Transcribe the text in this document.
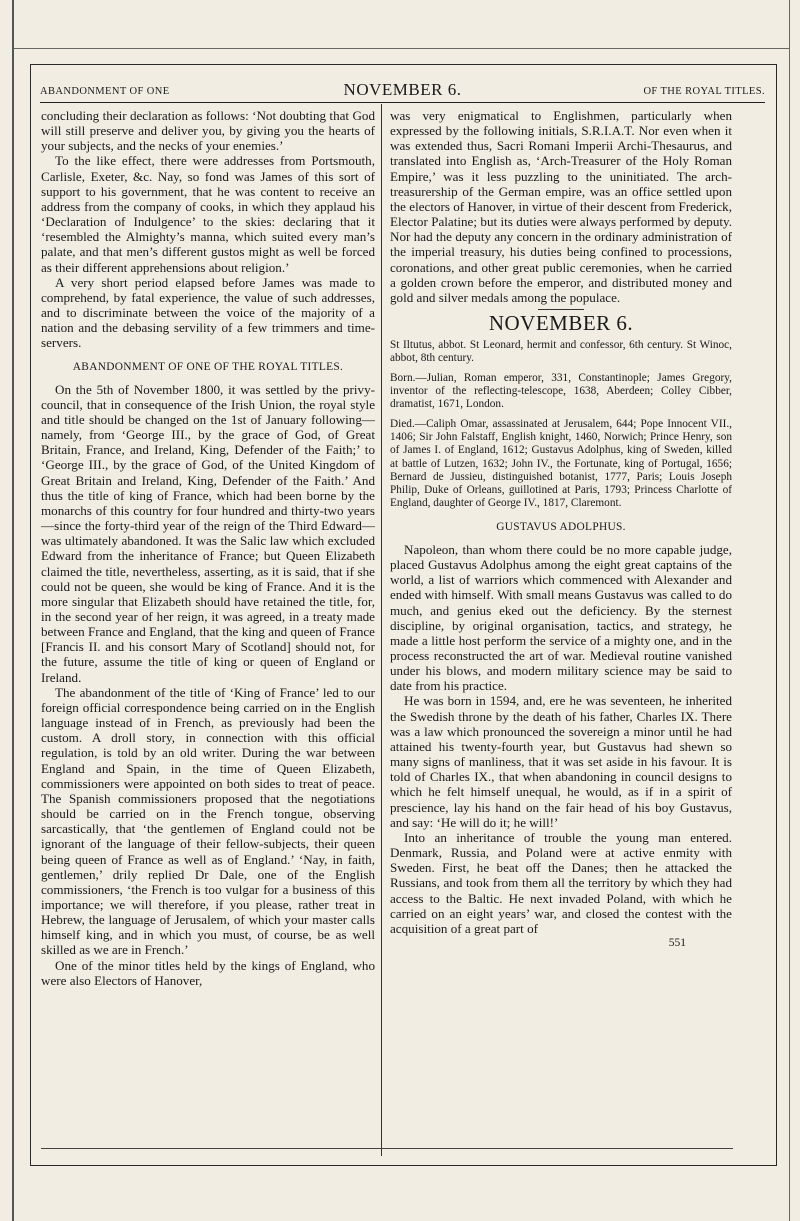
ABANDONMENT OF ONE	NOVEMBER 6.	OF THE ROYAL TITLES.

concluding their declaration as follows: ‘Not doubting that God will still preserve and deliver you, by giving you the hearts of your subjects, and the necks of your enemies.’

To the like effect, there were addresses from Portsmouth, Carlisle, Exeter, &c. Nay, so fond was James of this sort of support to his government, that he was content to receive an address from the company of cooks, in which they applaud his ‘Declaration of Indulgence’ to the skies: declaring that it ‘resembled the Almighty’s manna, which suited every man’s palate, and that men’s different gustos might as well be forced as their different apprehensions about religion.’

A very short period elapsed before James was made to comprehend, by fatal experience, the value of such addresses, and to discriminate between the voice of the majority of a nation and the debasing servility of a few trimmers and time-servers.

ABANDONMENT OF ONE OF THE ROYAL TITLES.

On the 5th of November 1800, it was settled by the privy-council, that in consequence of the Irish Union, the royal style and title should be changed on the 1st of January following—namely, from ‘George III., by the grace of God, of Great Britain, France, and Ireland, King, Defender of the Faith;’ to ‘George III., by the grace of God, of the United Kingdom of Great Britain and Ireland, King, Defender of the Faith.’ And thus the title of king of France, which had been borne by the monarchs of this country for four hundred and thirty-two years—since the forty-third year of the reign of the Third Edward—was ultimately abandoned. It was the Salic law which excluded Edward from the inheritance of France; but Queen Elizabeth claimed the title, nevertheless, asserting, as it is said, that if she could not be queen, she would be king of France. And it is the more singular that Elizabeth should have retained the title, for, in the second year of her reign, it was agreed, in a treaty made between France and England, that the king and queen of France [Francis II. and his consort Mary of Scotland] should not, for the future, assume the title of king or queen of England or Ireland.

The abandonment of the title of ‘King of France’ led to our foreign official correspondence being carried on in the English language instead of in French, as previously had been the custom. A droll story, in connection with this official regulation, is told by an old writer. During the war between England and Spain, in the time of Queen Elizabeth, commissioners were appointed on both sides to treat of peace. The Spanish commissioners proposed that the negotiations should be carried on in the French tongue, observing sarcastically, that ‘the gentlemen of England could not be ignorant of the language of their fellow-subjects, their queen being queen of France as well as of England.’ ‘Nay, in faith, gentlemen,’ drily replied Dr Dale, one of the English commissioners, ‘the French is too vulgar for a business of this importance; we will therefore, if you please, rather treat in Hebrew, the language of Jerusalem, of which your master calls himself king, and in which you must, of course, be as well skilled as we are in French.’

One of the minor titles held by the kings of England, who were also Electors of Hanover,

was very enigmatical to Englishmen, particularly when expressed by the following initials, S.R.I.A.T. Nor even when it was extended thus, Sacri Romani Imperii Archi-Thesaurus, and translated into English as, ‘Arch-Treasurer of the Holy Roman Empire,’ was it less puzzling to the uninitiated. The arch-treasurership of the German empire, was an office settled upon the electors of Hanover, in virtue of their descent from Frederick, Elector Palatine; but its duties were always performed by deputy. Nor had the deputy any concern in the ordinary administration of the imperial treasury, his duties being confined to processions, coronations, and other great public ceremonies, when he carried a golden crown before the emperor, and distributed money and gold and silver medals among the populace.

NOVEMBER 6.

St Iltutus, abbot. St Leonard, hermit and confessor, 6th century. St Winoc, abbot, 8th century.

Born.—Julian, Roman emperor, 331, Constantinople; James Gregory, inventor of the reflecting-telescope, 1638, Aberdeen; Colley Cibber, dramatist, 1671, London.

Died.—Caliph Omar, assassinated at Jerusalem, 644; Pope Innocent VII., 1406; Sir John Falstaff, English knight, 1460, Norwich; Prince Henry, son of James I. of England, 1612; Gustavus Adolphus, king of Sweden, killed at battle of Lutzen, 1632; John IV., the Fortunate, king of Portugal, 1656; Bernard de Jussieu, distinguished botanist, 1777, Paris; Louis Joseph Philip, Duke of Orleans, guillotined at Paris, 1793; Princess Charlotte of England, daughter of George IV., 1817, Claremont.

GUSTAVUS ADOLPHUS.

Napoleon, than whom there could be no more capable judge, placed Gustavus Adolphus among the eight great captains of the world, a list of warriors which commenced with Alexander and ended with himself. With small means Gustavus was called to do much, and genius eked out the deficiency. By the sternest discipline, by original organisation, tactics, and strategy, he made a little host perform the service of a mighty one, and in the process reconstructed the art of war. Medieval routine vanished under his blows, and modern military science may be said to date from his practice.

He was born in 1594, and, ere he was seventeen, he inherited the Swedish throne by the death of his father, Charles IX. There was a law which pronounced the sovereign a minor until he had attained his twenty-fourth year, but Gustavus had shewn so many signs of manliness, that it was set aside in his favour. It is told of Charles IX., that when abandoning in council designs to which he felt himself unequal, he would, as if in a spirit of prescience, lay his hand on the fair head of his boy Gustavus, and say: ‘He will do it; he will!’

Into an inheritance of trouble the young man entered. Denmark, Russia, and Poland were at active enmity with Sweden. First, he beat off the Danes; then he attacked the Russians, and took from them all the territory by which they had access to the Baltic. He next invaded Poland, with which he carried on an eight years’ war, and closed the contest with the acquisition of a great part of

551
